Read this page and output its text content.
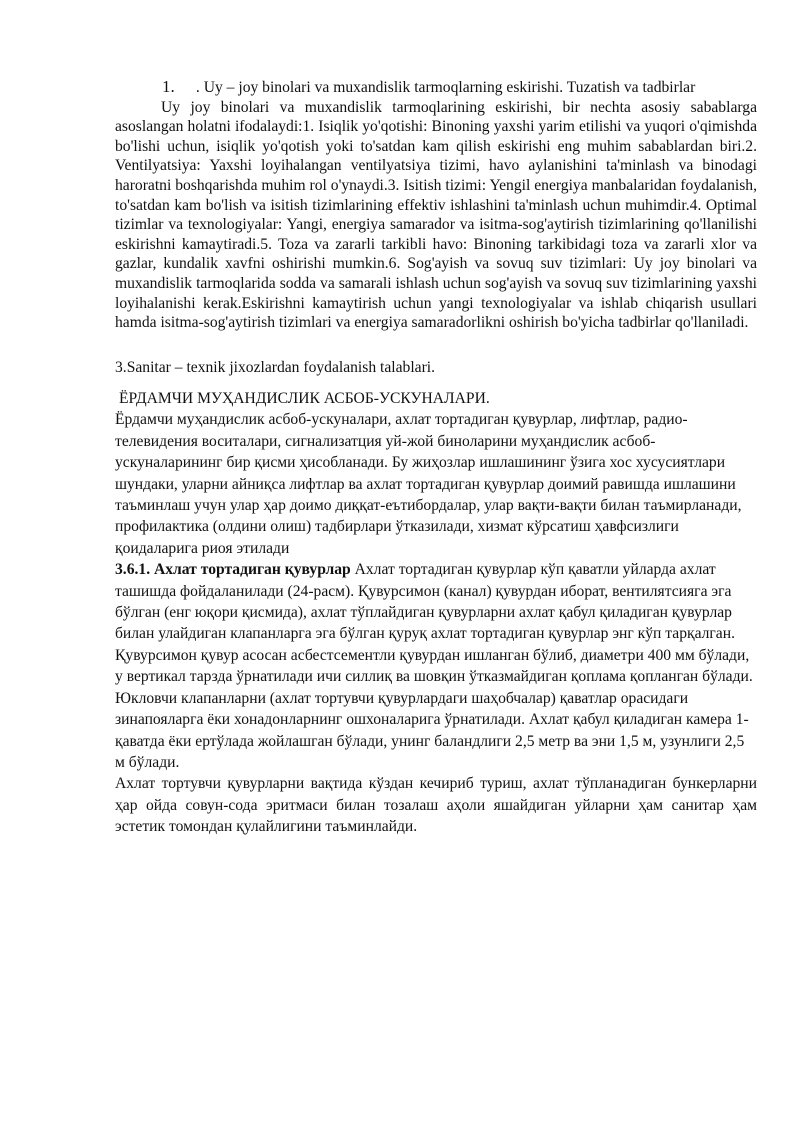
1. . Uy – joy binolari va muxandislik tarmoqlarning eskirishi. Tuzatish va tadbirlar

Uy joy binolari va muxandislik tarmoqlarining eskirishi, bir nechta asosiy sabablarga asoslangan holatni ifodalaydi:1. Isiqlik yo'qotishi: Binoning yaxshi yarim etilishi va yuqori o'qimishda bo'lishi uchun, isiqlik yo'qotish yoki to'satdan kam qilish eskirishi eng muhim sabablardan biri.2. Ventilyatsiya: Yaxshi loyihalangan ventilyatsiya tizimi, havo aylanishini ta'minlash va binodagi haroratni boshqarishda muhim rol o'ynaydi.3. Isitish tizimi: Yengil energiya manbalaridan foydalanish, to'satdan kam bo'lish va isitish tizimlarining effektiv ishlashini ta'minlash uchun muhimdir.4. Optimal tizimlar va texnologiyalar: Yangi, energiya samarador va isitma-sog'aytirish tizimlarining qo'llanilishi eskirishni kamaytiradi.5. Toza va zararli tarkibli havo: Binoning tarkibidagi toza va zararli xlor va gazlar, kundalik xavfni oshirishi mumkin.6. Sog'ayish va sovuq suv tizimlari: Uy joy binolari va muxandislik tarmoqlarida sodda va samarali ishlash uchun sog'ayish va sovuq suv tizimlarining yaxshi loyihalanishi kerak.Eskirishni kamaytirish uchun yangi texnologiyalar va ishlab chiqarish usullari hamda isitma-sog'aytirish tizimlari va energiya samaradorlikni oshirish bo'yicha tadbirlar qo'llaniladi.

3.Sanitar – texnik jixozlardan foydalanish talablari.

ЁРДАМЧИ МУҲАНДИСЛИК АСБОБ-УСКУНАЛАРИ.

Ёрдамчи муҳандислик асбоб-ускуналари, ахлат тортадиган қувурлар, лифтлар, радио-телевидения воситалари, сигнализатция уй-жой биноларини муҳандислик асбоб-ускуналарининг бир қисми ҳисобланади. Бу жиҳозлар ишлашининг ўзига хос хусусиятлари шундаки, уларни айниқса лифтлар ва ахлат тортадиган қувурлар доимий равишда ишлашини таъминлаш учун улар ҳар доимо диққат-еътибордалар, улар вақти-вақти билан таъмирланади, профилактика (олдини олиш) тадбирлари ўтказилади, хизмат кўрсатиш ҳавфсизлиги қоидаларига риоя этилади

3.6.1. Ахлат тортадиган қувурлар Ахлат тортадиган қувурлар кўп қаватли уйларда ахлат ташишда фойдаланилади (24-расм). Қувурсимон (канал) қувурдан иборат, вентилятсияга эга бўлган (енг юқори қисмида), ахлат тўплайдиган қувурларни ахлат қабул қиладиган қувурлар билан улайдиган клапанларга эга бўлган қуруқ ахлат тортадиган қувурлар энг кўп тарқалган. Қувурсимон қувур асосан асбестсементли қувурдан ишланган бўлиб, диаметри 400 мм бўлади, у вертикал тарзда ўрнатилади ичи силлиқ ва шовқин ўтказмайдиган қоплама қопланган бўлади. Юкловчи клапанларни (ахлат тортувчи қувурлардаги шаҳобчалар) қаватлар орасидаги зинапояларга ёки хонадонларнинг ошхоналарига ўрнатилади. Ахлат қабул қиладиган камера 1- қаватда ёки ертўлада жойлашган бўлади, унинг баландлиги 2,5 метр ва эни 1,5 м, узунлиги 2,5 м бўлади.

Ахлат тортувчи қувурларни вақтида кўздан кечириб туриш, ахлат тўпланадиган бункерларни ҳар ойда совун-сода эритмаси билан тозалаш аҳоли яшайдиган уйларни ҳам санитар ҳам эстетик томондан қулайлигини таъминлайди.
